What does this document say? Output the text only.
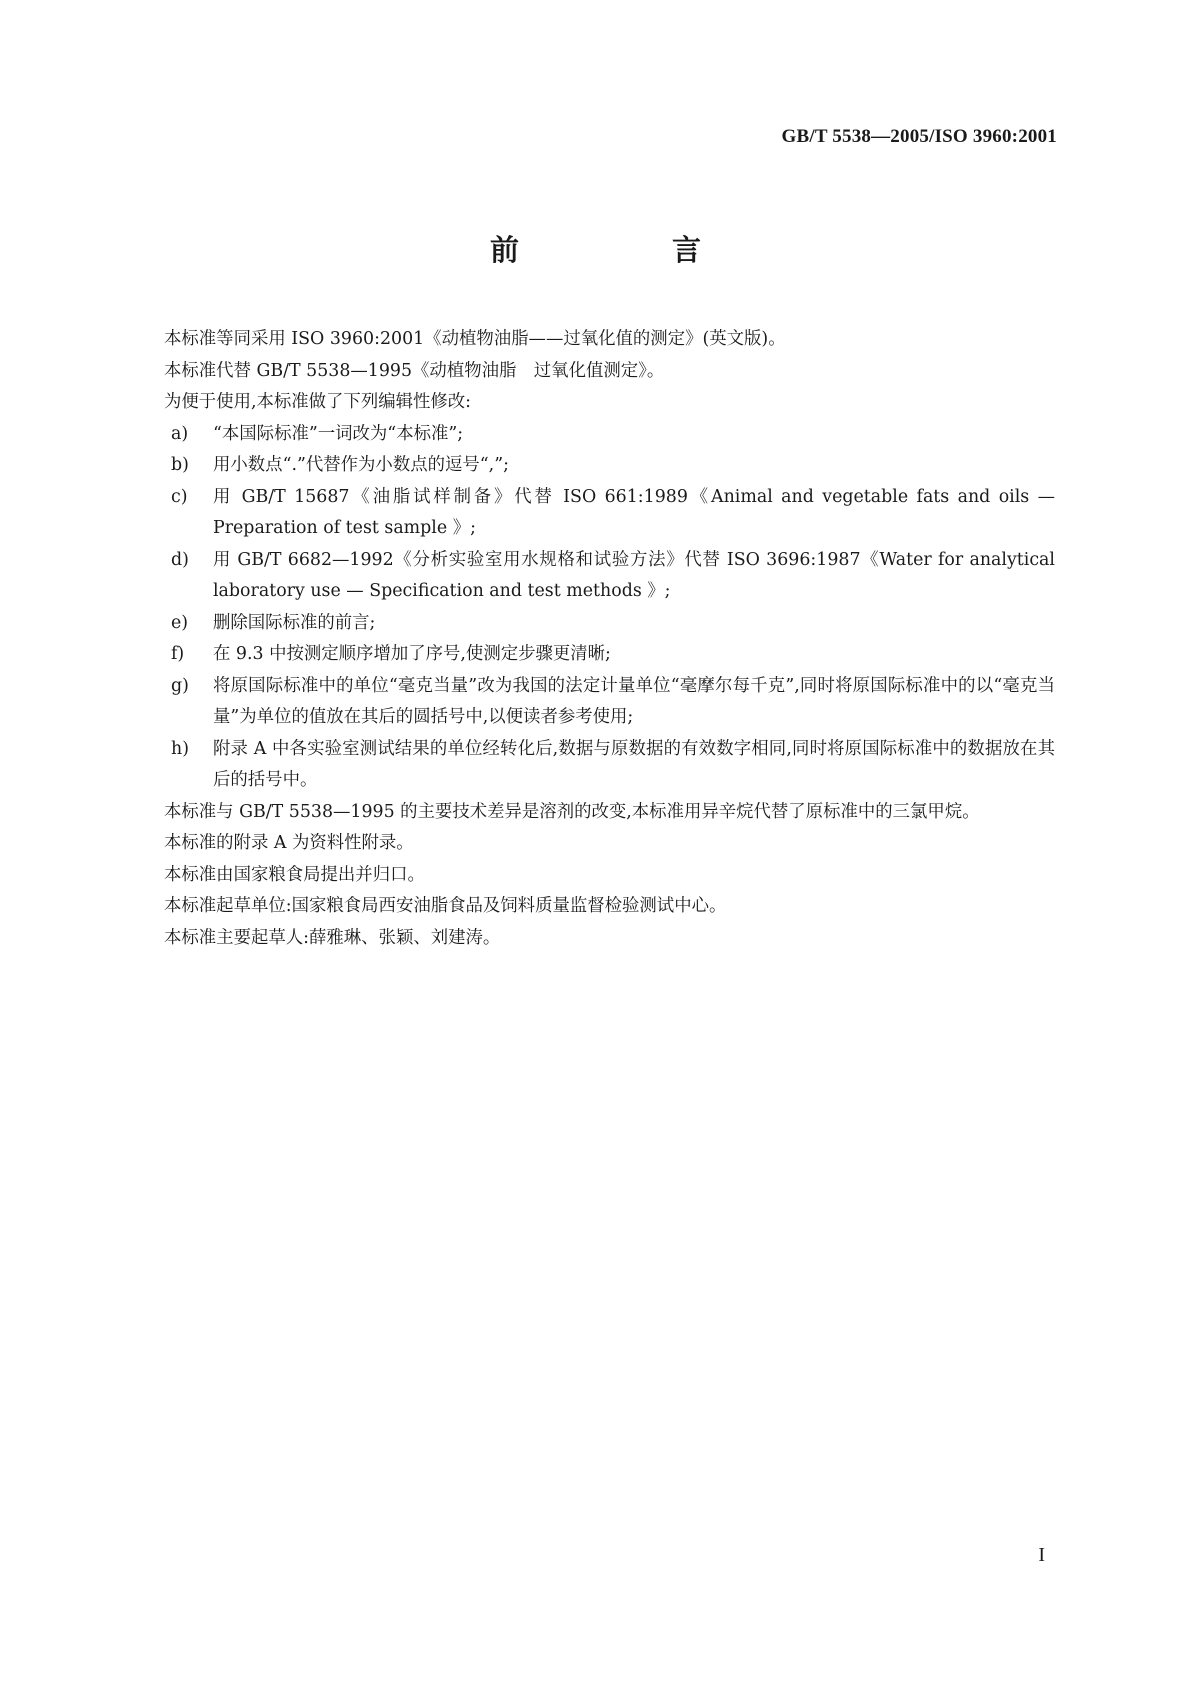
GB/T 5538—2005/ISO 3960:2001
前　言

本标准等同采用 ISO 3960:2001《动植物油脂——过氧化值的测定》(英文版)。

本标准代替 GB/T 5538—1995《动植物油脂　过氧化值测定》。

为便于使用,本标准做了下列编辑性修改:

a)	“本国际标准”一词改为“本标准”;
b)	用小数点“.”代替作为小数点的逗号“,”;
c)	用 GB/T 15687《油脂试样制备》代替 ISO 661:1989《Animal and vegetable fats and oils — Preparation of test sample 》;
d)	用 GB/T 6682—1992《分析实验室用水规格和试验方法》代替 ISO 3696:1987《Water for analytical laboratory use — Specification and test methods 》;
e)	删除国际标准的前言;
f)	在 9.3 中按测定顺序增加了序号,使测定步骤更清晰;
g)	将原国际标准中的单位“毫克当量”改为我国的法定计量单位“毫摩尔每千克”,同时将原国际标准中的以“毫克当量”为单位的值放在其后的圆括号中,以便读者参考使用;
h)	附录 A 中各实验室测试结果的单位经转化后,数据与原数据的有效数字相同,同时将原国际标准中的数据放在其后的括号中。

本标准与 GB/T 5538—1995 的主要技术差异是溶剂的改变,本标准用异辛烷代替了原标准中的三氯甲烷。

本标准的附录 A 为资料性附录。

本标准由国家粮食局提出并归口。

本标准起草单位:国家粮食局西安油脂食品及饲料质量监督检验测试中心。

本标准主要起草人:薛雅琳、张颖、刘建涛。

I
